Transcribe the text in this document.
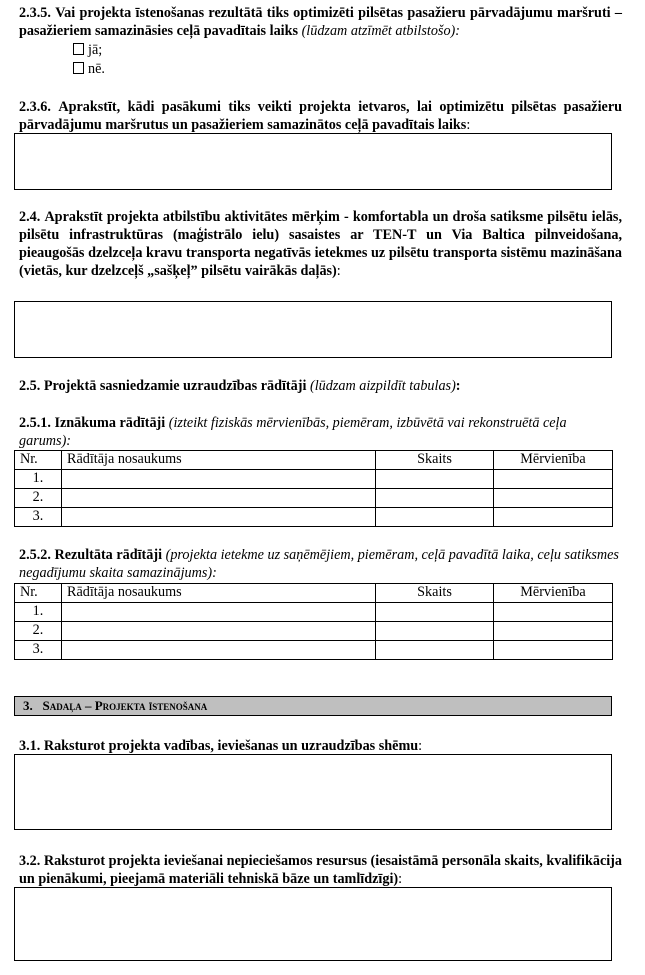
2.3.5. Vai projekta īstenošanas rezultātā tiks optimizēti pilsētas pasažieru pārvadājumu maršruti – pasažieriem samazināsies ceļā pavadītais laiks (lūdzam atzīmēt atbilstošo):
jā;
nē.
2.3.6. Aprakstīt, kādi pasākumi tiks veikti projekta ietvaros, lai optimizētu pilsētas pasažieru pārvadājumu maršrutus un pasažieriem samazinātos ceļā pavadītais laiks:
2.4. Aprakstīt projekta atbilstību aktivitātes mērķim - komfortabla un droša satiksme pilsētu ielās, pilsētu infrastruktūras (maģistrālo ielu) sasaistes ar TEN-T un Via Baltica pilnveidošana, pieaugošās dzelzceļa kravu transporta negatīvās ietekmes uz pilsētu transporta sistēmu mazināšana (vietās, kur dzelzceļš „sašķeļ” pilsētu vairākās daļās):
2.5. Projektā sasniedzamie uzraudzības rādītāji (lūdzam aizpildīt tabulas):
2.5.1. Iznākuma rādītāji (izteikt fiziskās mērvienībās, piemēram, izbūvētā vai rekonstruētā ceļa garums):
Nr.	Rādītāja nosaukums	Skaits	Mērvienība
1.			
2.			
3.			
2.5.2. Rezultāta rādītāji (projekta ietekme uz saņēmējiem, piemēram, ceļā pavadītā laika, ceļu satiksmes negadījumu skaita samazinājums):
Nr.	Rādītāja nosaukums	Skaits	Mērvienība
1.			
2.			
3.			
3. Sadaļa – Projekta īstenošana
3.1. Raksturot projekta vadības, ieviešanas un uzraudzības shēmu:
3.2. Raksturot projekta ieviešanai nepieciešamos resursus (iesaistāmā personāla skaits, kvalifikācija un pienākumi, pieejamā materiāli tehniskā bāze un tamlīdzīgi):
